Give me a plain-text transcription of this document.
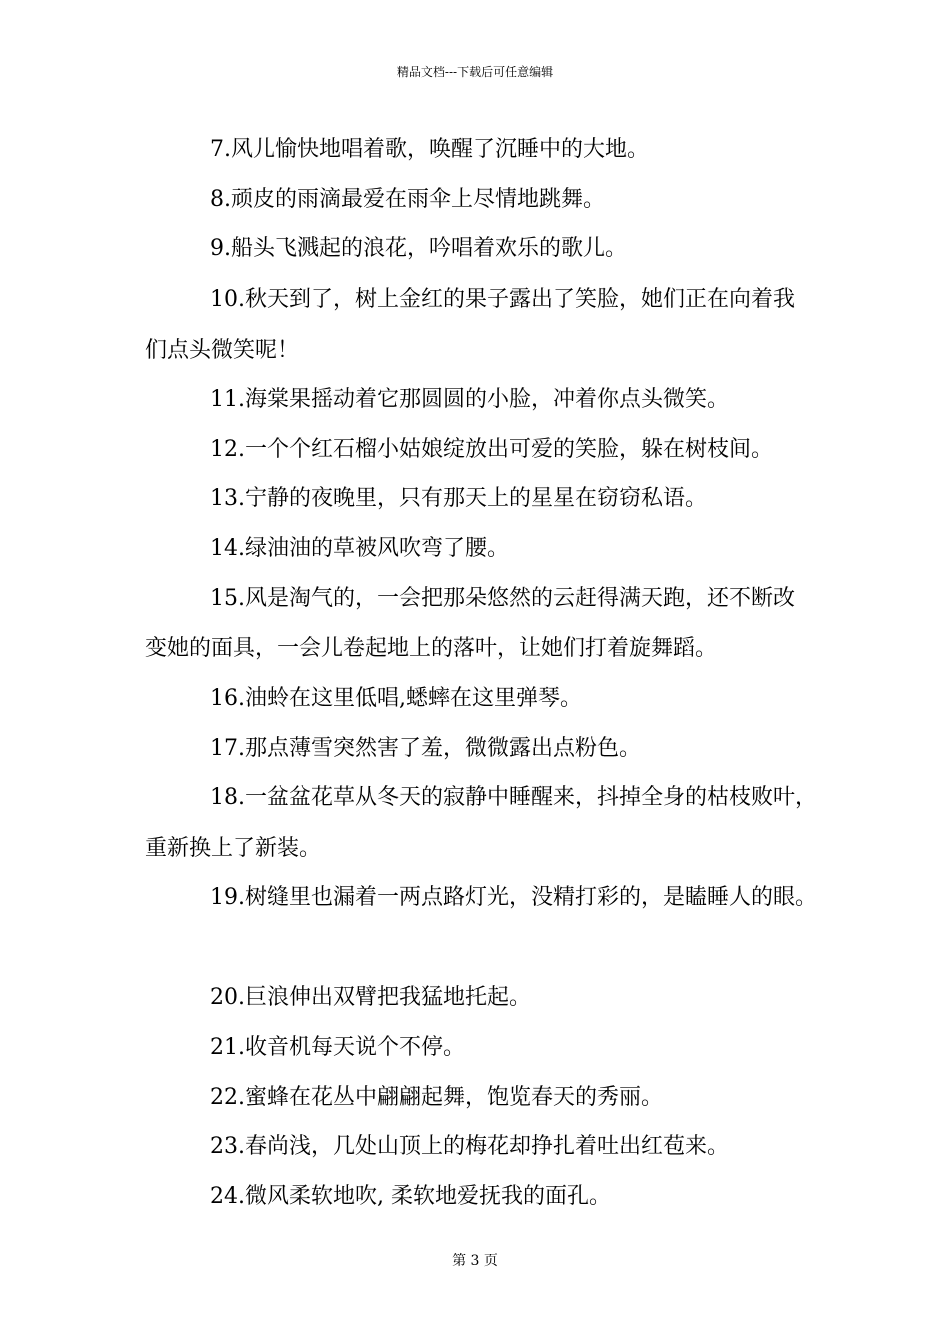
精品文档---下载后可任意编辑
7.风儿愉快地唱着歌，唤醒了沉睡中的大地。
8.顽皮的雨滴最爱在雨伞上尽情地跳舞。
9.船头飞溅起的浪花，吟唱着欢乐的歌儿。
10.秋天到了，树上金红的果子露出了笑脸，她们正在向着我
们点头微笑呢！
11.海棠果摇动着它那圆圆的小脸，冲着你点头微笑。
12.一个个红石榴小姑娘绽放出可爱的笑脸，躲在树枝间。
13.宁静的夜晚里，只有那天上的星星在窃窃私语。
14.绿油油的草被风吹弯了腰。
15.风是淘气的，一会把那朵悠然的云赶得满天跑，还不断改
变她的面具，一会儿卷起地上的落叶，让她们打着旋舞蹈。
16.油蛉在这里低唱,蟋蟀在这里弹琴。
17.那点薄雪突然害了羞，微微露出点粉色。
18.一盆盆花草从冬天的寂静中睡醒来，抖掉全身的枯枝败叶，
重新换上了新装。
19.树缝里也漏着一两点路灯光，没精打彩的，是瞌睡人的眼。
20.巨浪伸出双臂把我猛地托起。
21.收音机每天说个不停。
22.蜜蜂在花丛中翩翩起舞，饱览春天的秀丽。
23.春尚浅，几处山顶上的梅花却挣扎着吐出红苞来。
24.微风柔软地吹, 柔软地爱抚我的面孔。
第 3 页
